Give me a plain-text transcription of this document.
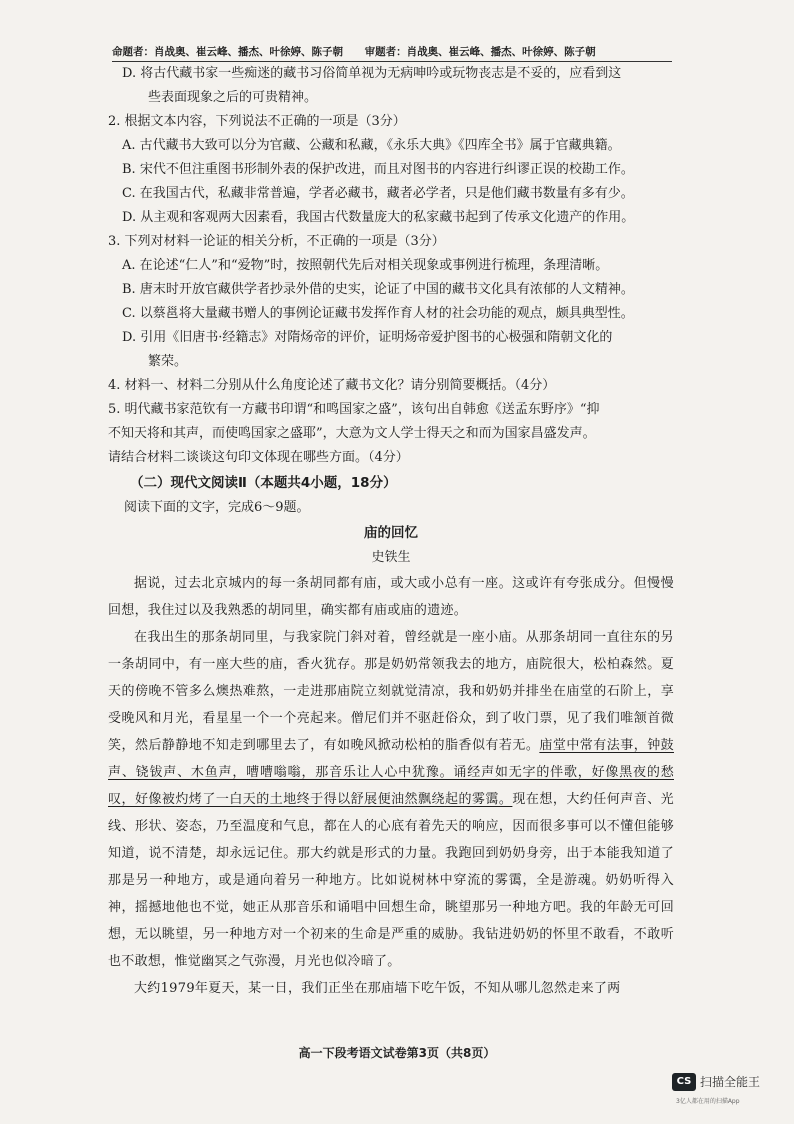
命题者：肖战奥、崔云峰、播杰、叶徐婷、陈子朝 审题者：肖战奥、崔云峰、播杰、叶徐婷、陈子朝

D. 将古代藏书家一些痴迷的藏书习俗简单视为无病呻吟或玩物丧志是不妥的，应看到这
些表面现象之后的可贵精神。

2. 根据文本内容，下列说法不正确的一项是（3分）

A. 古代藏书大致可以分为官藏、公藏和私藏，《永乐大典》《四库全书》属于官藏典籍。

B. 宋代不但注重图书形制外表的保护改进，而且对图书的内容进行纠谬正误的校勘工作。

C. 在我国古代，私藏非常普遍，学者必藏书，藏者必学者，只是他们藏书数量有多有少。

D. 从主观和客观两大因素看，我国古代数量庞大的私家藏书起到了传承文化遗产的作用。

3. 下列对材料一论证的相关分析，不正确的一项是（3分）

A. 在论述“仁人”和“爱物”时，按照朝代先后对相关现象或事例进行梳理，条理清晰。

B. 唐末时开放官藏供学者抄录外借的史实，论证了中国的藏书文化具有浓郁的人文精神。

C. 以蔡邕将大量藏书赠人的事例论证藏书发挥作育人材的社会功能的观点，颇具典型性。

D. 引用《旧唐书·经籍志》对隋炀帝的评价，证明炀帝爱护图书的心极强和隋朝文化的
繁荣。

4. 材料一、材料二分别从什么角度论述了藏书文化？请分别简要概括。（4分）

5. 明代藏书家范钦有一方藏书印谓“和鸣国家之盛”，该句出自韩愈《送孟东野序》“抑

不知天将和其声，而使鸣国家之盛耶”，大意为文人学士得天之和而为国家昌盛发声。

请结合材料二谈谈这句印文体现在哪些方面。（4分）

（二）现代文阅读Ⅱ（本题共4小题，18分）

阅读下面的文字，完成6～9题。

庙的回忆

史铁生

据说，过去北京城内的每一条胡同都有庙，或大或小总有一座。这或许有夸张成分。但慢慢回想，我住过以及我熟悉的胡同里，确实都有庙或庙的遗迹。

在我出生的那条胡同里，与我家院门斜对着，曾经就是一座小庙。从那条胡同一直往东的另一条胡同中，有一座大些的庙，香火犹存。那是奶奶常领我去的地方，庙院很大，松柏森然。夏天的傍晚不管多么燠热难熬，一走进那庙院立刻就觉清凉，我和奶奶并排坐在庙堂的石阶上，享受晚风和月光，看星星一个一个亮起来。僧尼们并不驱赶俗众，到了收门票，见了我们唯颔首微笑，然后静静地不知走到哪里去了，有如晚风掀动松柏的脂香似有若无。庙堂中常有法事，钟鼓声、铙钹声、木鱼声，嘈嘈嗡嗡，那音乐让人心中犹豫。诵经声如无字的伴歌，好像黑夜的愁叹，好像被灼烤了一白天的土地终于得以舒展便油然飘绕起的雾霭。现在想，大约任何声音、光线、形状、姿态，乃至温度和气息，都在人的心底有着先天的响应，因而很多事可以不懂但能够知道，说不清楚，却永远记住。那大约就是形式的力量。我跑回到奶奶身旁，出于本能我知道了那是另一种地方，或是通向着另一种地方。比如说树林中穿流的雾霭，全是游魂。奶奶听得入神，摇撼地他也不觉，她正从那音乐和诵唱中回想生命，眺望那另一种地方吧。我的年龄无可回想，无以眺望，另一种地方对一个初来的生命是严重的威胁。我钻进奶奶的怀里不敢看，不敢听也不敢想，惟觉幽冥之气弥漫，月光也似冷暗了。

大约1979年夏天，某一日，我们正坐在那庙墙下吃午饭，不知从哪儿忽然走来了两

高一下段考语文试卷第3页（共8页）
CS 扫描全能王
3亿人都在用的扫描App
